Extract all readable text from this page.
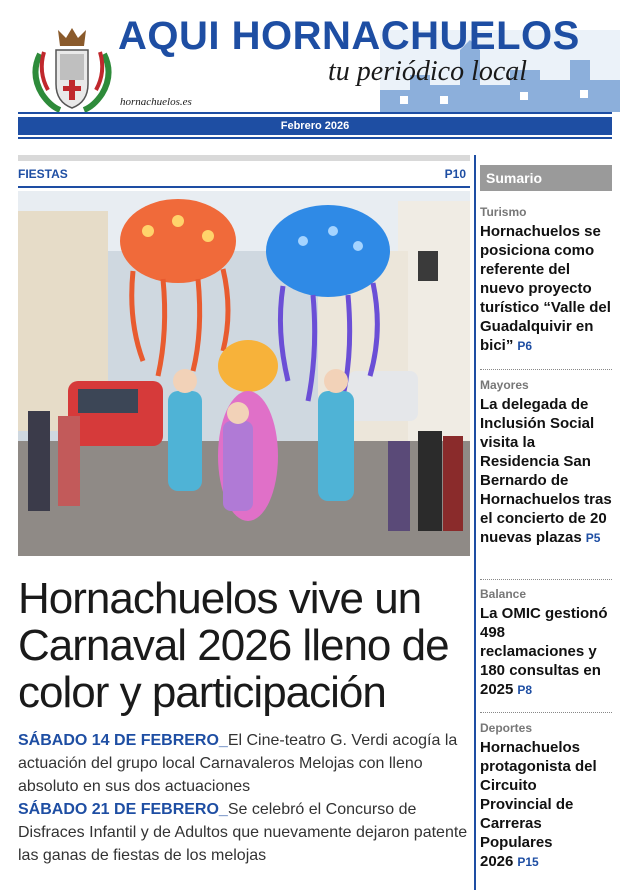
AQUI HORNACHUELOS
tu periódico local
hornachuelos.es
Febrero 2026
FIESTAS	P10
Hornachuelos vive un Carnaval 2026 lleno de color y participación
SÁBADO 14 DE FEBRERO_El Cine-teatro G. Verdi acogía la actuación del grupo local Carnavaleros Melojas con lleno absoluto en sus dos actuaciones
SÁBADO 21 DE FEBRERO_Se celebró el Concurso de Disfraces Infantil y de Adultos que nuevamente dejaron patente las ganas de fiestas de los melojas
Sumario
Turismo
Hornachuelos se posiciona como referente del nuevo proyecto turístico “Valle del Guadalquivir en bici” P6
Mayores
La delegada de Inclusión Social visita la Residencia San Bernardo de Hornachuelos tras el concierto de 20 nuevas plazas P5
Balance
La OMIC gestionó 498 reclamaciones y 180 consultas en 2025 P8
Deportes
Hornachuelos protagonista del Circuito Provincial de Carreras Populares 2026 P15
